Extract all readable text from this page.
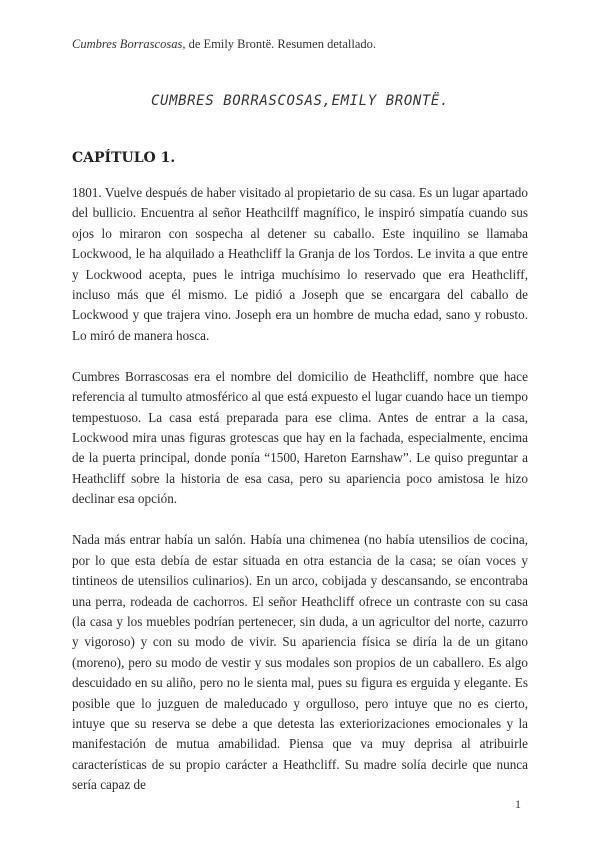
Cumbres Borrascosas, de Emily Brontë. Resumen detallado.
CUMBRES BORRASCOSAS,EMILY BRONTË.
CAPÍTULO 1.

1801. Vuelve después de haber visitado al propietario de su casa. Es un lugar apartado del bullicio. Encuentra al señor Heathcilff magnífico, le inspiró simpatía cuando sus ojos lo miraron con sospecha al detener su caballo. Este inquilino se llamaba Lockwood, le ha alquilado a Heathcliff la Granja de los Tordos. Le invita a que entre y Lockwood acepta, pues le intriga muchísimo lo reservado que era Heathcliff, incluso más que él mismo. Le pidió a Joseph que se encargara del caballo de Lockwood y que trajera vino. Joseph era un hombre de mucha edad, sano y robusto. Lo miró de manera hosca.

Cumbres Borrascosas era el nombre del domicilio de Heathcliff, nombre que hace referencia al tumulto atmosférico al que está expuesto el lugar cuando hace un tiempo tempestuoso. La casa está preparada para ese clima. Antes de entrar a la casa, Lockwood mira unas figuras grotescas que hay en la fachada, especialmente, encima de la puerta principal, donde ponía “1500, Hareton Earnshaw”. Le quiso preguntar a Heathcliff sobre la historia de esa casa, pero su apariencia poco amistosa le hizo declinar esa opción.

Nada más entrar había un salón. Había una chimenea (no había utensilios de cocina, por lo que esta debía de estar situada en otra estancia de la casa; se oían voces y tintineos de utensilios culinarios). En un arco, cobijada y descansando, se encontraba una perra, rodeada de cachorros. El señor Heathcliff ofrece un contraste con su casa (la casa y los muebles podrían pertenecer, sin duda, a un agricultor del norte, cazurro y vigoroso) y con su modo de vivir. Su apariencia física se diría la de un gitano (moreno), pero su modo de vestir y sus modales son propios de un caballero. Es algo descuidado en su aliño, pero no le sienta mal, pues su figura es erguida y elegante. Es posible que lo juzguen de maleducado y orgulloso, pero intuye que no es cierto, intuye que su reserva se debe a que detesta las exteriorizaciones emocionales y la manifestación de mutua amabilidad. Piensa que va muy deprisa al atribuirle características de su propio carácter a Heathcliff. Su madre solía decirle que nunca sería capaz de

1
